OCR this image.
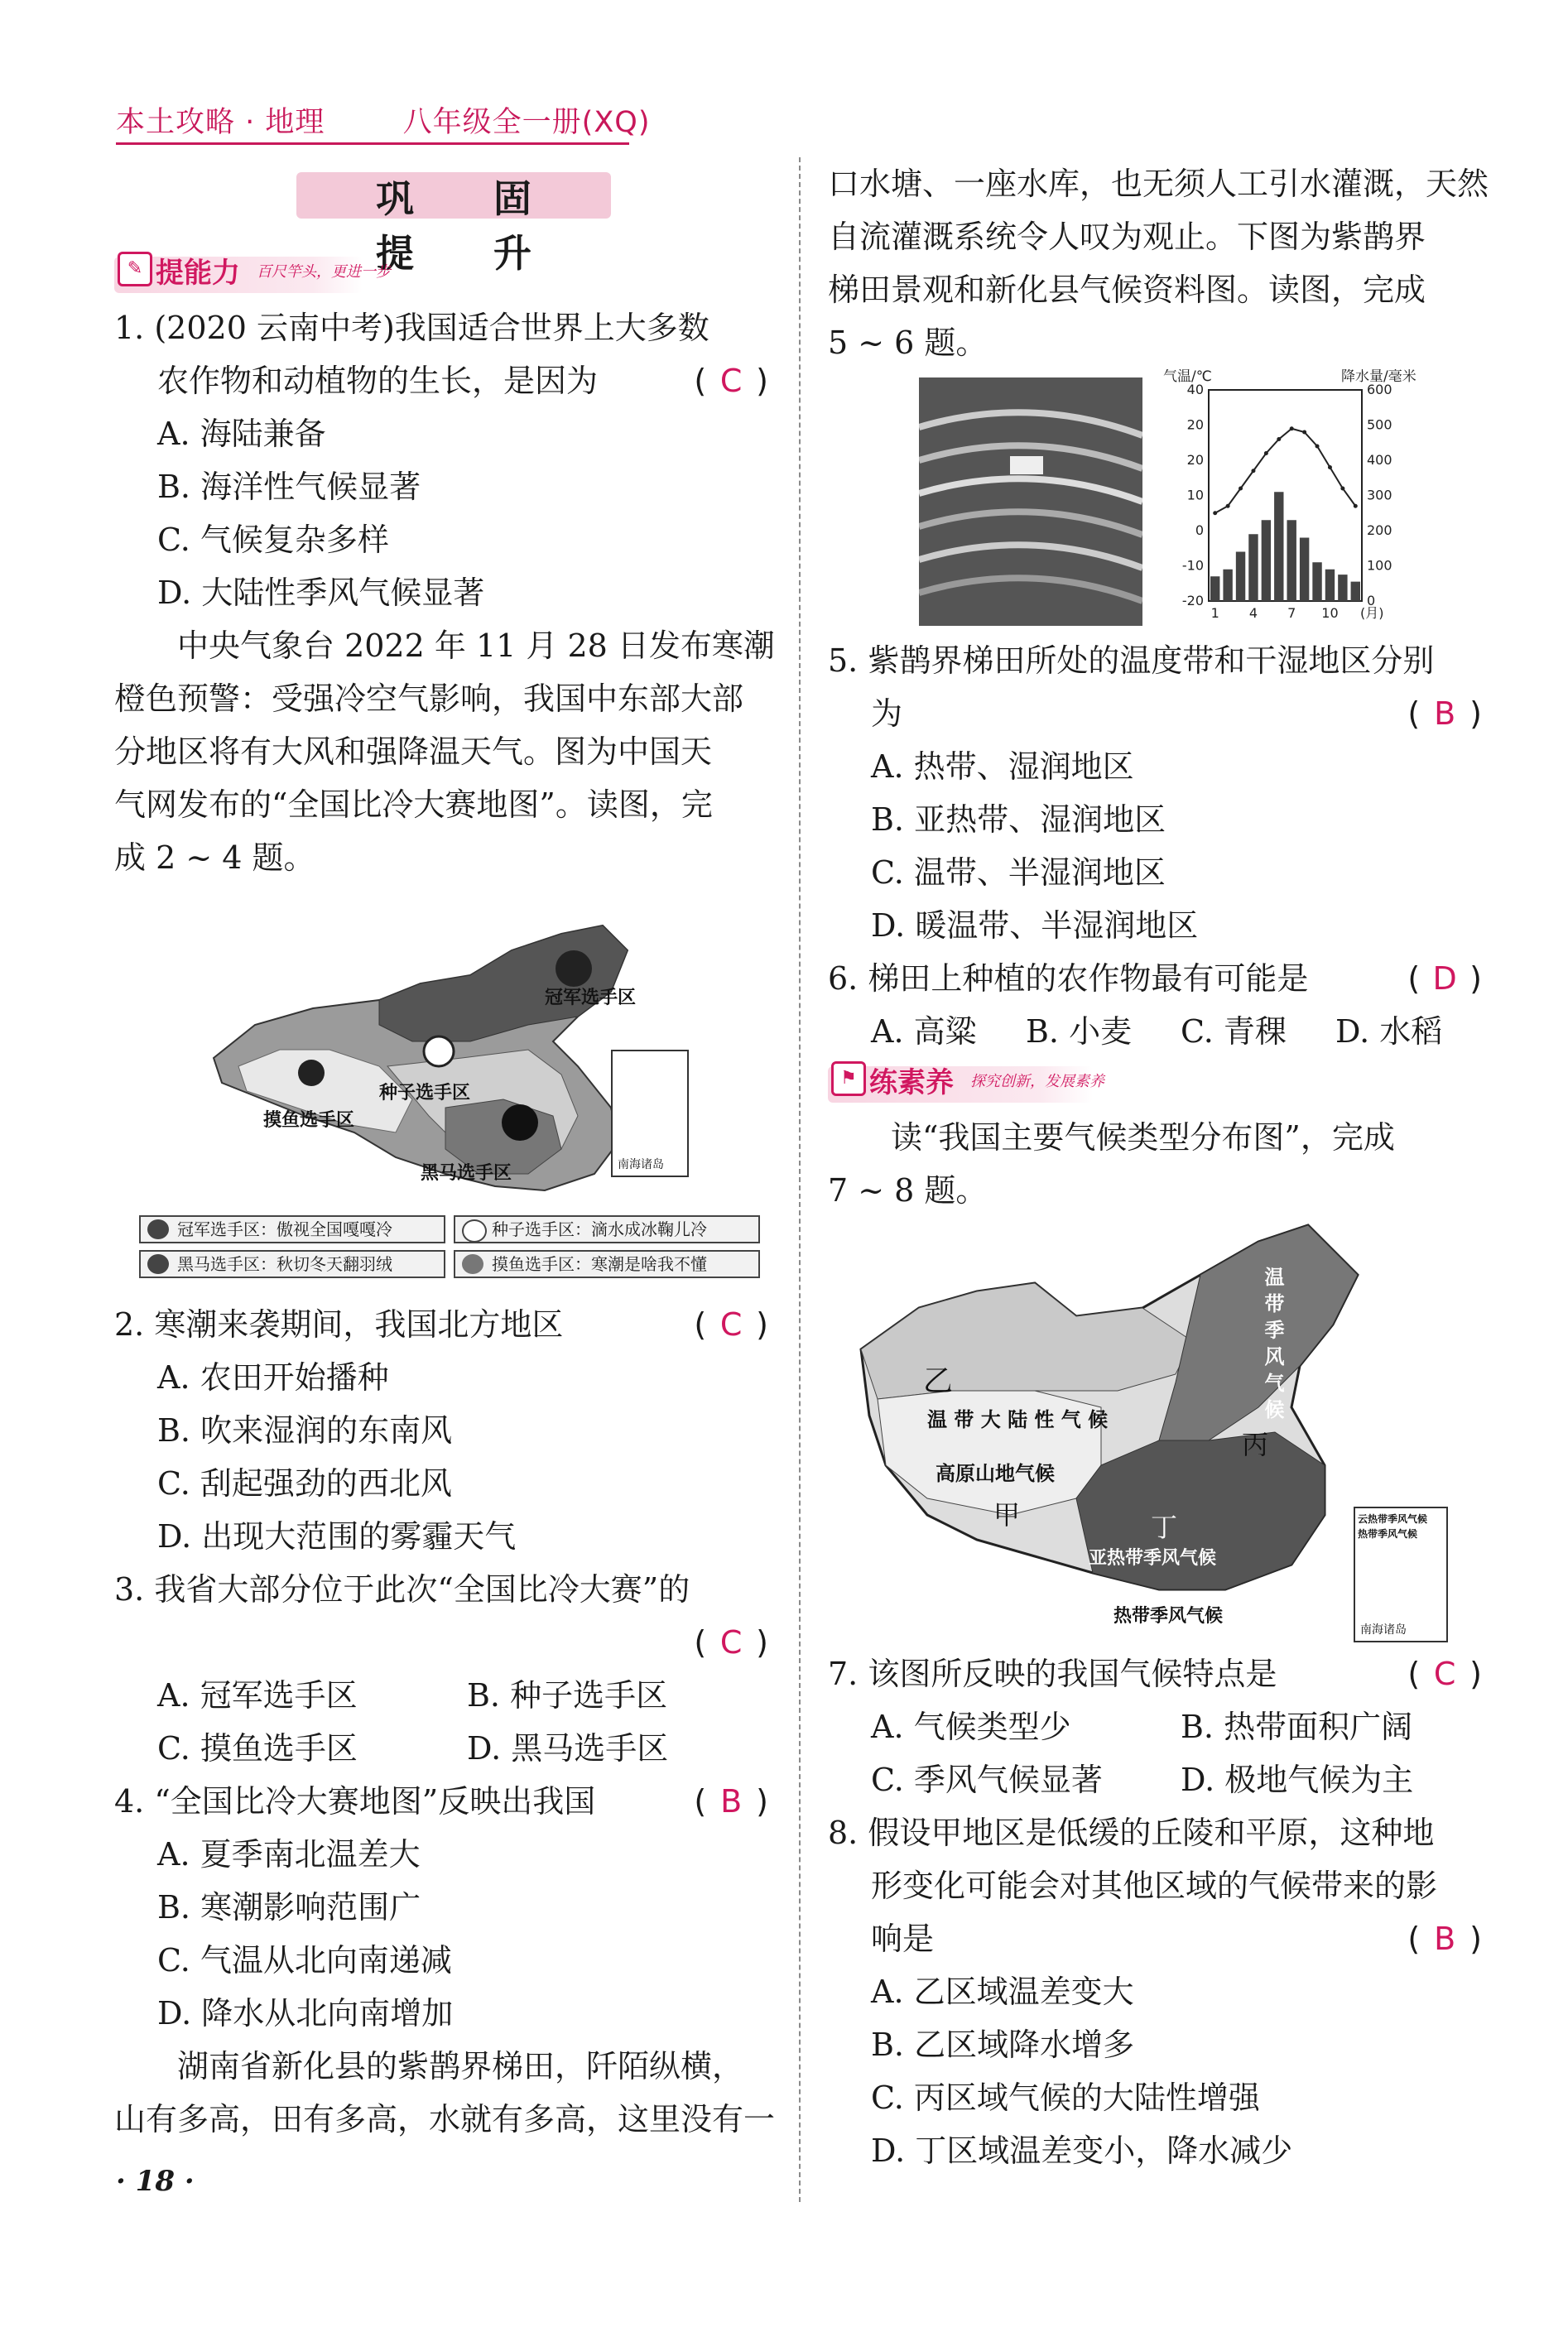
本土攻略 · 地理	八年级全一册(XQ)
巩 固 提 升
✎ 提能力 百尺竿头，更进一步
1. (2020 云南中考)我国适合世界上大多数
农作物和动植物的生长，是因为	( C )
A. 海陆兼备
B. 海洋性气候显著
C. 气候复杂多样
D. 大陆性季风气候显著
中央气象台 2022 年 11 月 28 日发布寒潮
橙色预警：受强冷空气影响，我国中东部大部
分地区将有大风和强降温天气。图为中国天
气网发布的“全国比冷大赛地图”。读图，完
成 2 ~ 4 题。
冠军选手区
种子选手区
摸鱼选手区
黑马选手区	南海诸岛
冠军选手区：傲视全国嘎嘎冷	种子选手区：滴水成冰鞠儿冷
黑马选手区：秋切冬天翻羽绒	摸鱼选手区：寒潮是啥我不懂
2. 寒潮来袭期间，我国北方地区	( C )
A. 农田开始播种
B. 吹来湿润的东南风
C. 刮起强劲的西北风
D. 出现大范围的雾霾天气
3. 我省大部分位于此次“全国比冷大赛”的
( C )
A. 冠军选手区	B. 种子选手区
C. 摸鱼选手区	D. 黑马选手区
4. “全国比冷大赛地图”反映出我国	( B )
A. 夏季南北温差大
B. 寒潮影响范围广
C. 气温从北向南递减
D. 降水从北向南增加
湖南省新化县的紫鹊界梯田，阡陌纵横，
山有多高，田有多高，水就有多高，这里没有一
口水塘、一座水库，也无须人工引水灌溉，天然
自流灌溉系统令人叹为观止。下图为紫鹊界
梯田景观和新化县气候资料图。读图，完成
5 ~ 6 题。
气温/℃	降水量/毫米
40
20
20
10
0
-10
-20
600
500
400
300
200
100
0
1 4 7 10 (月)
5. 紫鹊界梯田所处的温度带和干湿地区分别
为	( B )
A. 热带、湿润地区
B. 亚热带、湿润地区
C. 温带、半湿润地区
D. 暖温带、半湿润地区
6. 梯田上种植的农作物最有可能是	( D )
A. 高粱	B. 小麦	C. 青稞	D. 水稻
⚑ 练素养 探究创新，发展素养
读“我国主要气候类型分布图”，完成
7 ~ 8 题。
乙
温 带 大 陆 性 气 候
高原山地气候
甲
温带季风气候
丙
丁
亚热带季风气候
热带季风气候
云热带季风气候
热带季风气候
南海诸岛
7. 该图所反映的我国气候特点是	( C )
A. 气候类型少	B. 热带面积广阔
C. 季风气候显著	D. 极地气候为主
8. 假设甲地区是低缓的丘陵和平原，这种地
形变化可能会对其他区域的气候带来的影
响是	( B )
A. 乙区域温差变大
B. 乙区域降水增多
C. 丙区域气候的大陆性增强
D. 丁区域温差变小，降水减少
· 18 ·
